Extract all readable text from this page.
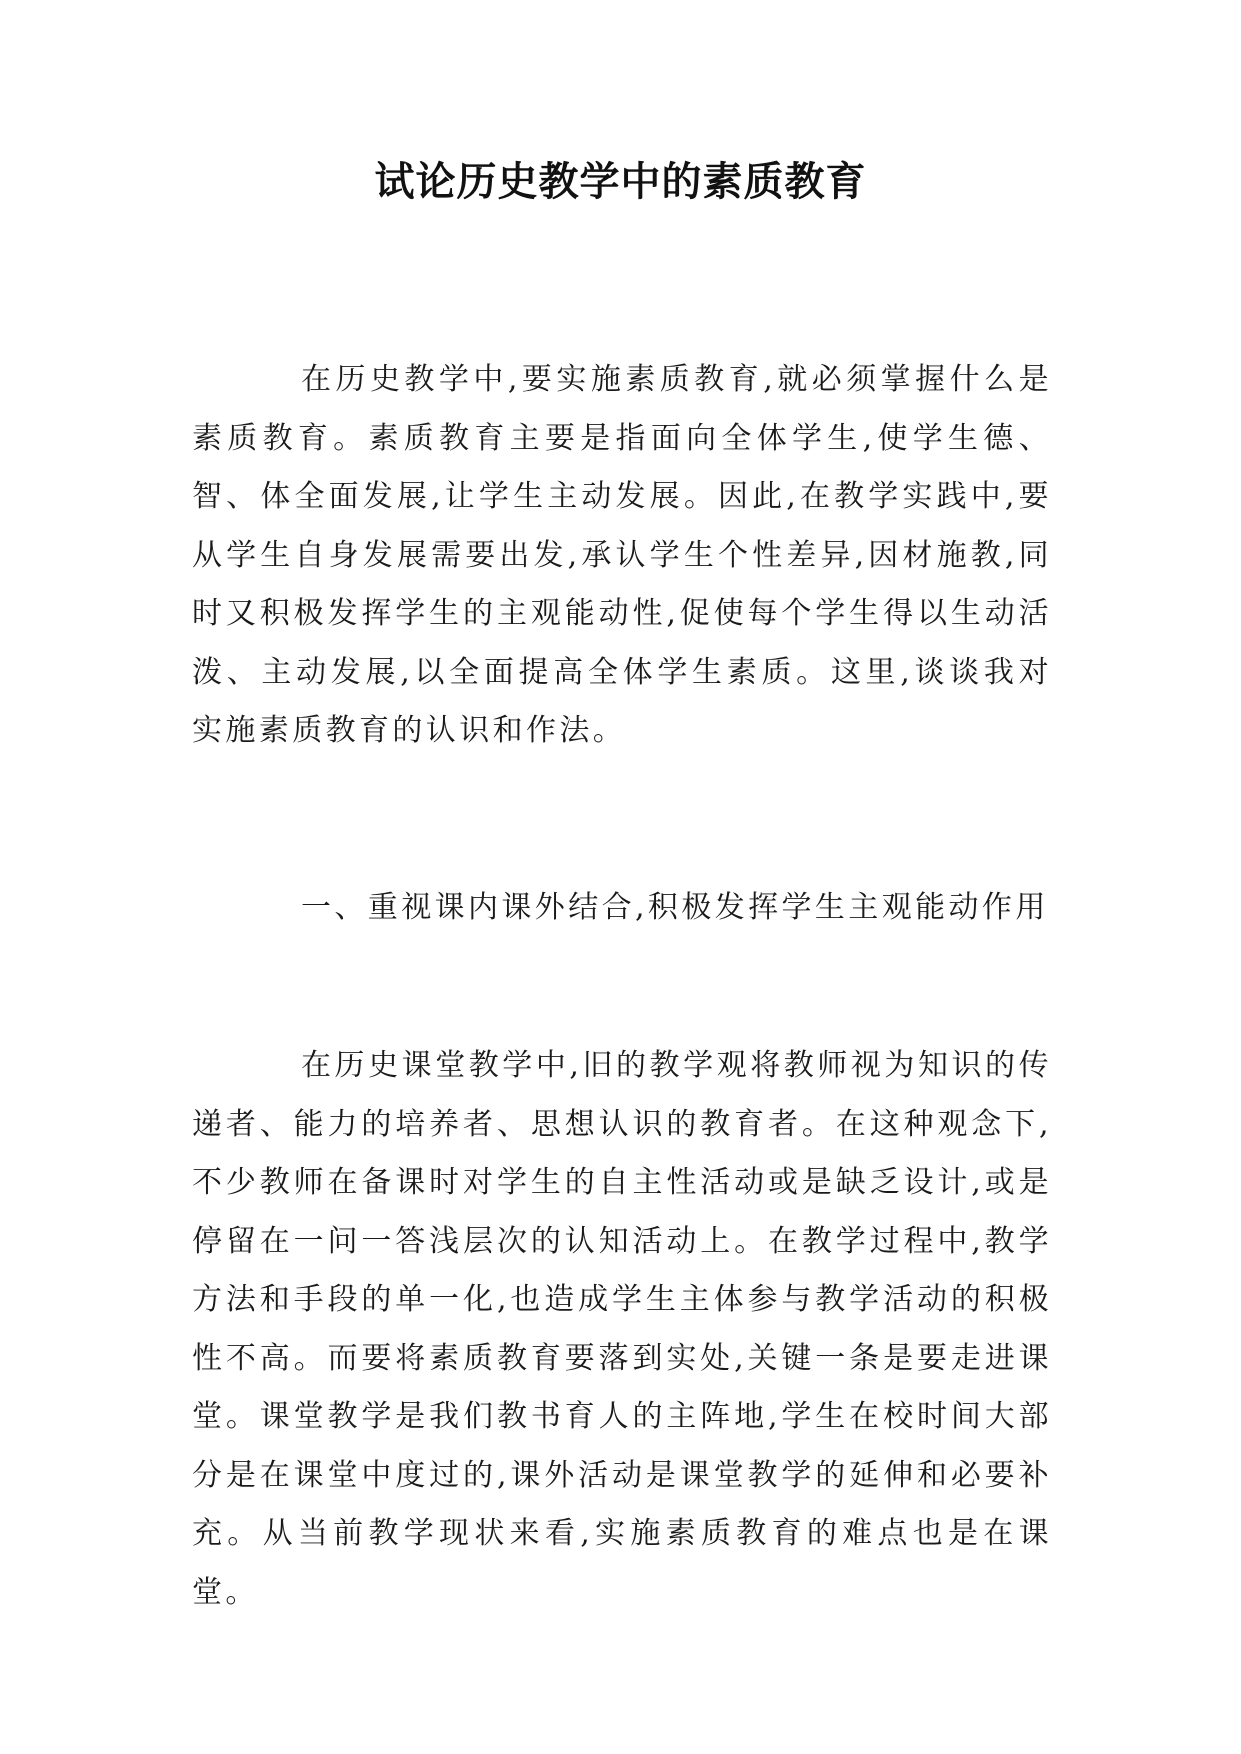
试论历史教学中的素质教育
在历史教学中,要实施素质教育,就必须掌握什么是素质教育。素质教育主要是指面向全体学生,使学生德、智、体全面发展,让学生主动发展。因此,在教学实践中,要从学生自身发展需要出发,承认学生个性差异,因材施教,同时又积极发挥学生的主观能动性,促使每个学生得以生动活泼、主动发展,以全面提高全体学生素质。这里,谈谈我对实施素质教育的认识和作法。
一、重视课内课外结合,积极发挥学生主观能动作用
在历史课堂教学中,旧的教学观将教师视为知识的传递者、能力的培养者、思想认识的教育者。在这种观念下,不少教师在备课时对学生的自主性活动或是缺乏设计,或是停留在一问一答浅层次的认知活动上。在教学过程中,教学方法和手段的单一化,也造成学生主体参与教学活动的积极性不高。而要将素质教育要落到实处,关键一条是要走进课堂。课堂教学是我们教书育人的主阵地,学生在校时间大部分是在课堂中度过的,课外活动是课堂教学的延伸和必要补充。从当前教学现状来看,实施素质教育的难点也是在课堂。
